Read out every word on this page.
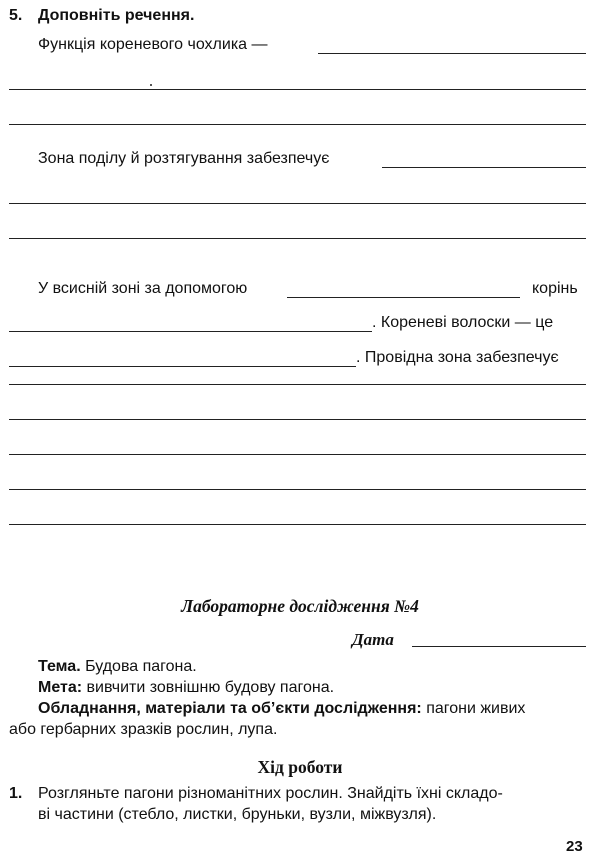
5. Доповніть речення.
Функція кореневого чохлика —
Зона поділу й розтягування забезпечує
У всисній зоні за допомогою	корінь
. Кореневі волоски — це
. Провідна зона забезпечує
Лабораторне дослідження №4
Дата
Тема. Будова пагона.
Мета: вивчити зовнішню будову пагона.
Обладнання, матеріали та об’єкти дослідження: пагони живих
або гербарних зразків рослин, лупа.
Хід роботи
1. Розгляньте пагони різноманітних рослин. Знайдіть їхні складо-
ві частини (стебло, листки, бруньки, вузли, міжвузля).
23
